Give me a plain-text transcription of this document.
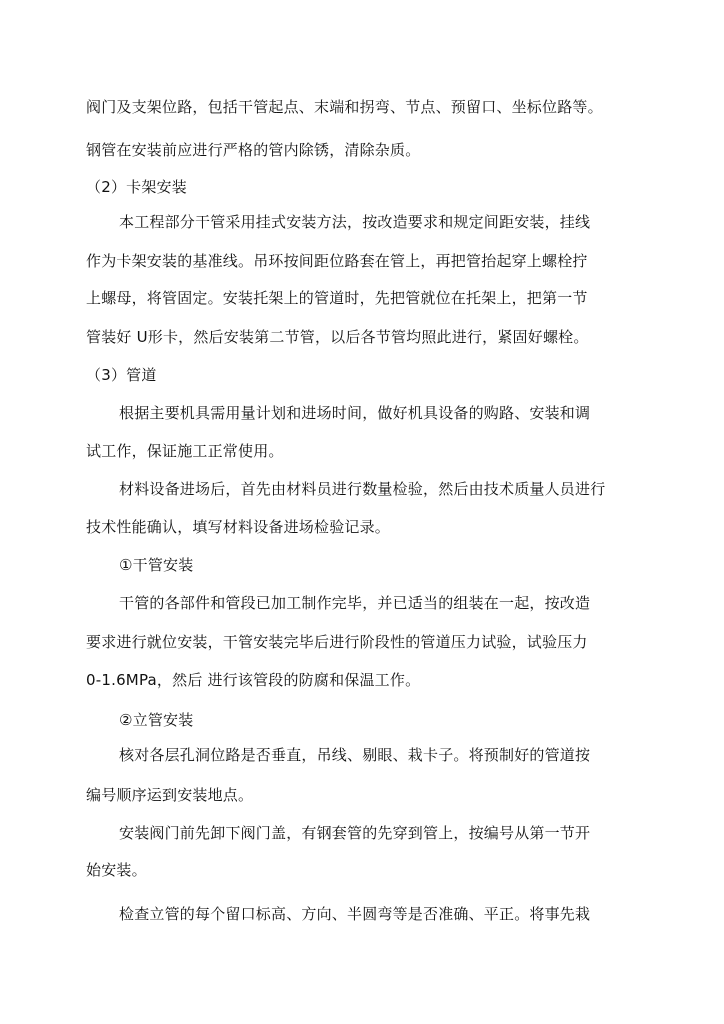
阀门及支架位路，包括干管起点、末端和拐弯、节点、预留口、坐标位路等。
钢管在安装前应进行严格的管内除锈，清除杂质。
（2）卡架安装
本工程部分干管采用挂式安装方法，按改造要求和规定间距安装，挂线
作为卡架安装的基准线。吊环按间距位路套在管上，再把管抬起穿上螺栓拧
上螺母，将管固定。安装托架上的管道时，先把管就位在托架上，把第一节
管装好 U形卡，然后安装第二节管，以后各节管均照此进行，紧固好螺栓。
（3）管道
根据主要机具需用量计划和进场时间，做好机具设备的购路、安装和调
试工作，保证施工正常使用。
材料设备进场后，首先由材料员进行数量检验，然后由技术质量人员进行
技术性能确认，填写材料设备进场检验记录。
①干管安装
干管的各部件和管段已加工制作完毕，并已适当的组装在一起，按改造
要求进行就位安装，干管安装完毕后进行阶段性的管道压力试验，试验压力
0-1.6MPa，然后 进行该管段的防腐和保温工作。
②立管安装
核对各层孔洞位路是否垂直，吊线、剔眼、栽卡子。将预制好的管道按
编号顺序运到安装地点。
安装阀门前先卸下阀门盖，有钢套管的先穿到管上，按编号从第一节开
始安装。
检查立管的每个留口标高、方向、半圆弯等是否准确、平正。将事先栽
